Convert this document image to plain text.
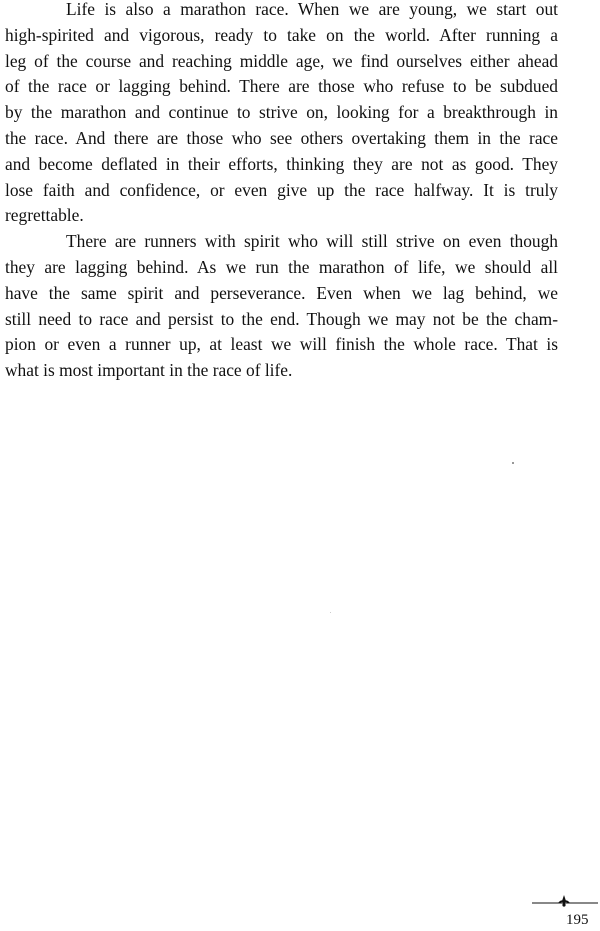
Life is also a marathon race. When we are young, we start out
high-spirited and vigorous, ready to take on the world. After running a
leg of the course and reaching middle age, we find ourselves either ahead
of the race or lagging behind. There are those who refuse to be subdued
by the marathon and continue to strive on, looking for a breakthrough in
the race. And there are those who see others overtaking them in the race
and become deflated in their efforts, thinking they are not as good. They
lose faith and confidence, or even give up the race halfway. It is truly
regrettable.
There are runners with spirit who will still strive on even though
they are lagging behind. As we run the marathon of life, we should all
have the same spirit and perseverance. Even when we lag behind, we
still need to race and persist to the end. Though we may not be the cham-
pion or even a runner up, at least we will finish the whole race. That is
what is most important in the race of life.
195
